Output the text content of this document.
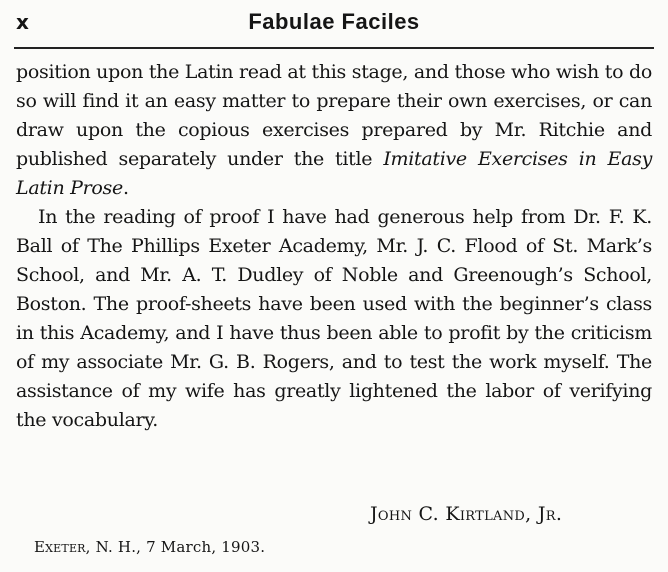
x	Fabulae Faciles

position upon the Latin read at this stage, and those who wish to do so will find it an easy matter to prepare their own exercises, or can draw upon the copious exercises prepared by Mr. Ritchie and published separately under the title Imitative Exercises in Easy Latin Prose.

In the reading of proof I have had generous help from Dr. F. K. Ball of The Phillips Exeter Academy, Mr. J. C. Flood of St. Mark’s School, and Mr. A. T. Dudley of Noble and Greenough’s School, Boston. The proof-sheets have been used with the beginner’s class in this Academy, and I have thus been able to profit by the criticism of my associate Mr. G. B. Rogers, and to test the work myself. The assistance of my wife has greatly lightened the labor of verifying the vocabulary.

John C. Kirtland, Jr.
Exeter, N. H., 7 March, 1903.
